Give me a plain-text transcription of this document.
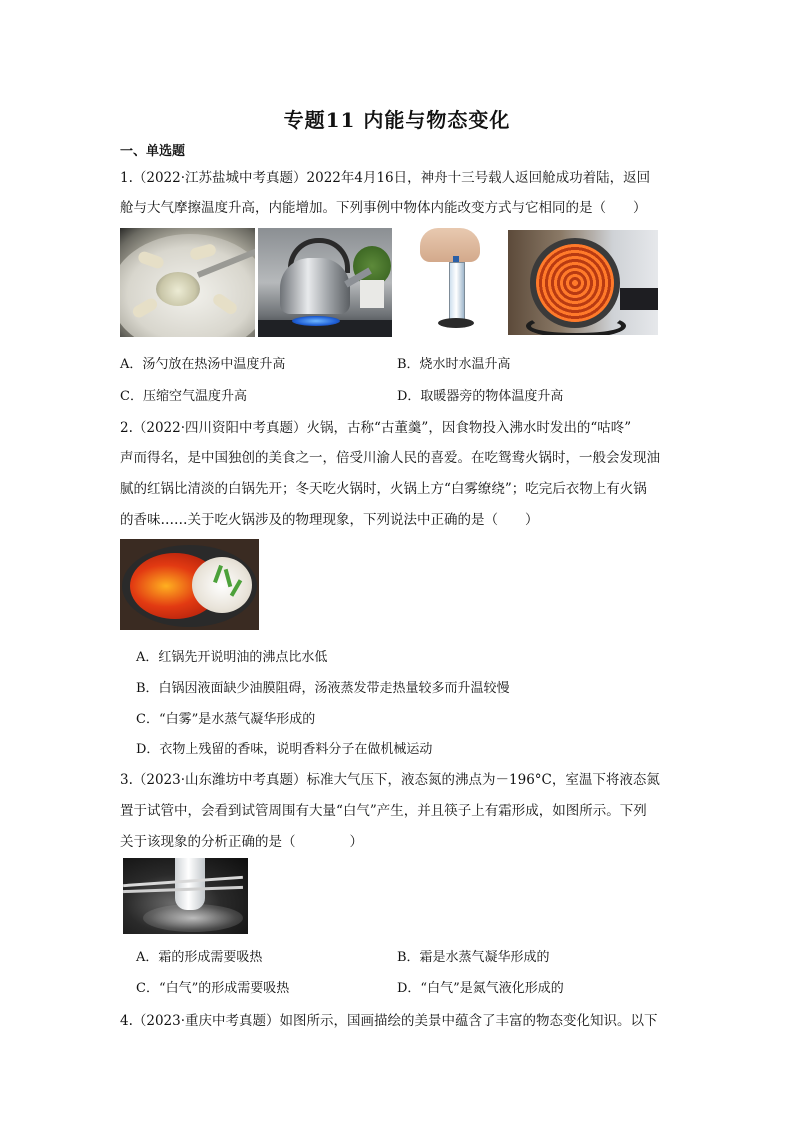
专题11 内能与物态变化
一、单选题
1.（2022·江苏盐城中考真题）2022年4月16日，神舟十三号载人返回舱成功着陆，返回
舱与大气摩擦温度升高，内能增加。下列事例中物体内能改变方式与它相同的是（　　）
A．汤勺放在热汤中温度升高	B．烧水时水温升高
C．压缩空气温度升高	D．取暖器旁的物体温度升高
2.（2022·四川资阳中考真题）火锅，古称“古董羹”，因食物投入沸水时发出的“咕咚”
声而得名，是中国独创的美食之一，倍受川渝人民的喜爱。在吃鸳鸯火锅时，一般会发现油
腻的红锅比清淡的白锅先开；冬天吃火锅时，火锅上方“白雾缭绕”；吃完后衣物上有火锅
的香味……关于吃火锅涉及的物理现象，下列说法中正确的是（　　）
A．红锅先开说明油的沸点比水低
B．白锅因液面缺少油膜阻碍，汤液蒸发带走热量较多而升温较慢
C．“白雾”是水蒸气凝华形成的
D．衣物上残留的香味，说明香料分子在做机械运动
3.（2023·山东潍坊中考真题）标准大气压下，液态氮的沸点为－196°C，室温下将液态氮
置于试管中，会看到试管周围有大量“白气”产生，并且筷子上有霜形成，如图所示。下列
关于该现象的分析正确的是（　　　　）
A．霜的形成需要吸热	B．霜是水蒸气凝华形成的
C．“白气”的形成需要吸热	D．“白气”是氮气液化形成的
4.（2023·重庆中考真题）如图所示，国画描绘的美景中蕴含了丰富的物态变化知识。以下
